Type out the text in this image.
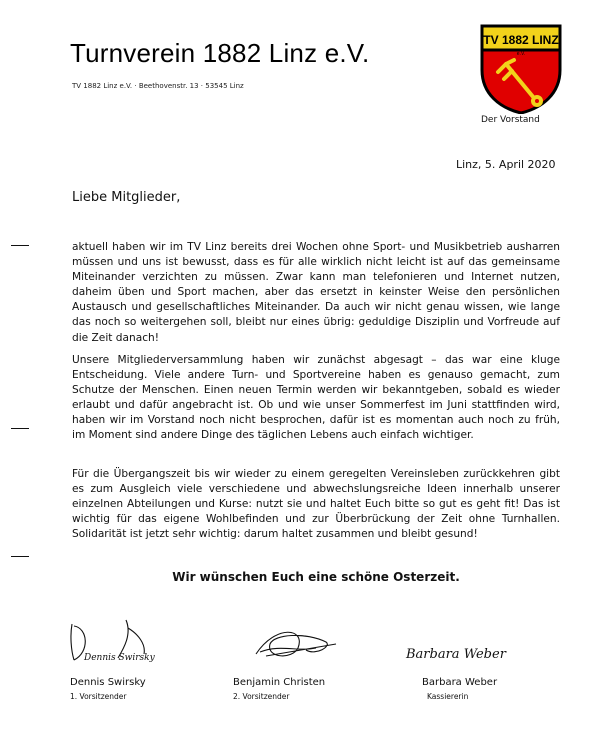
Turnverein 1882 Linz e.V.
TV 1882 Linz e.V. · Beethovenstr. 13 · 53545 Linz
TV 1882 LINZ
e.V.
Der Vorstand
Linz, 5. April 2020
Liebe Mitglieder,

aktuell haben wir im TV Linz bereits drei Wochen ohne Sport- und Musikbetrieb ausharren müssen und uns ist bewusst, dass es für alle wirklich nicht leicht ist auf das gemeinsame Miteinander verzichten zu müssen. Zwar kann man telefonieren und Internet nutzen, daheim üben und Sport machen, aber das ersetzt in keinster Weise den persönlichen Austausch und gesellschaftliches Miteinander. Da auch wir nicht genau wissen, wie lange das noch so weitergehen soll, bleibt nur eines übrig: geduldige Disziplin und Vorfreude auf die Zeit danach!

Unsere Mitgliederversammlung haben wir zunächst abgesagt – das war eine kluge Entscheidung. Viele andere Turn- und Sportvereine haben es genauso gemacht, zum Schutze der Menschen. Einen neuen Termin werden wir bekanntgeben, sobald es wieder erlaubt und dafür angebracht ist. Ob und wie unser Sommerfest im Juni stattfinden wird, haben wir im Vorstand noch nicht besprochen, dafür ist es momentan auch noch zu früh, im Moment sind andere Dinge des täglichen Lebens auch einfach wichtiger.

Für die Übergangszeit bis wir wieder zu einem geregelten Vereinsleben zurückkehren gibt es zum Ausgleich viele verschiedene und abwechslungsreiche Ideen innerhalb unserer einzelnen Abteilungen und Kurse: nutzt sie und haltet Euch bitte so gut es geht fit! Das ist wichtig für das eigene Wohlbefinden und zur Überbrückung der Zeit ohne Turnhallen. Solidarität ist jetzt sehr wichtig: darum haltet zusammen und bleibt gesund!

Wir wünschen Euch eine schöne Osterzeit.
Dennis Swirsky	Barbara Weber
Dennis Swirsky
1. Vorsitzender
Benjamin Christen
2. Vorsitzender
Barbara Weber
Kassiererin
